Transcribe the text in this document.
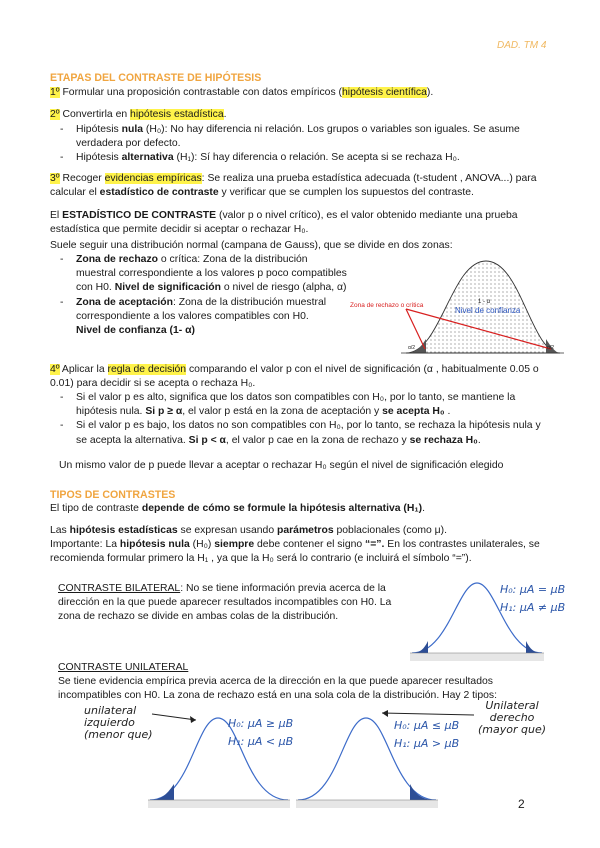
DAD. TM 4
2
ETAPAS DEL CONTRASTE DE HIPÓTESIS
1º Formular una proposición contrastable con datos empíricos (hipótesis científica).
2º Convertirla en hipótesis estadística.
- Hipótesis nula (H₀): No hay diferencia ni relación. Los grupos o variables son iguales. Se asume verdadera por defecto.
- Hipótesis alternativa (H₁): Sí hay diferencia o relación. Se acepta si se rechaza H₀.
3º Recoger evidencias empíricas: Se realiza una prueba estadística adecuada (t-student , ANOVA...) para calcular el estadístico de contraste y verificar que se cumplen los supuestos del contraste.
El ESTADÍSTICO DE CONTRASTE (valor p o nivel crítico), es el valor obtenido mediante una prueba estadística que permite decidir si aceptar o rechazar H₀.
Suele seguir una distribución normal (campana de Gauss), que se divide en dos zonas:
- Zona de rechazo o crítica: Zona de la distribución muestral correspondiente a los valores p poco compatibles con H0. Nivel de significación o nivel de riesgo (alpha, α)
- Zona de aceptación: Zona de la distribución muestral correspondiente a los valores compatibles con H0.
Nivel de confianza (1- α)
Zona de rechazo o crítica
Nivel de confianza
1 - α
α/2	α/2
4º Aplicar la regla de decisión comparando el valor p con el nivel de significación (α , habitualmente 0.05 o 0.01) para decidir si se acepta o rechaza H₀.
- Si el valor p es alto, significa que los datos son compatibles con H₀, por lo tanto, se mantiene la hipótesis nula. Si p ≥ α, el valor p está en la zona de aceptación y se acepta H₀ .
- Si el valor p es bajo, los datos no son compatibles con H₀, por lo tanto, se rechaza la hipótesis nula y se acepta la alternativa. Si p < α, el valor p cae en la zona de rechazo y se rechaza H₀.
Un mismo valor de p puede llevar a aceptar o rechazar H₀ según el nivel de significación elegido
TIPOS DE CONTRASTES
El tipo de contraste depende de cómo se formule la hipótesis alternativa (H₁).
Las hipótesis estadísticas se expresan usando parámetros poblacionales (como μ).
Importante: La hipótesis nula (H₀) siempre debe contener el signo “=”. En los contrastes unilaterales, se recomienda formular primero la H₁ , ya que la H₀ será lo contrario (e incluirá el símbolo “=”).
CONTRASTE BILATERAL: No se tiene información previa acerca de la dirección en la que puede aparecer resultados incompatibles con H0. La zona de rechazo se divide en ambas colas de la distribución.
H₀: μA = μB
H₁: μA ≠ μB
CONTRASTE UNILATERAL
Se tiene evidencia empírica previa acerca de la dirección en la que puede aparecer resultados incompatibles con H0. La zona de rechazo está en una sola cola de la distribución. Hay 2 tipos:
unilateral
izquierdo
(menor que)
H₀: μA ≥ μB
H₁: μA < μB
H₀: μA ≤ μB
H₁: μA > μB
Unilateral
derecho
(mayor que)
